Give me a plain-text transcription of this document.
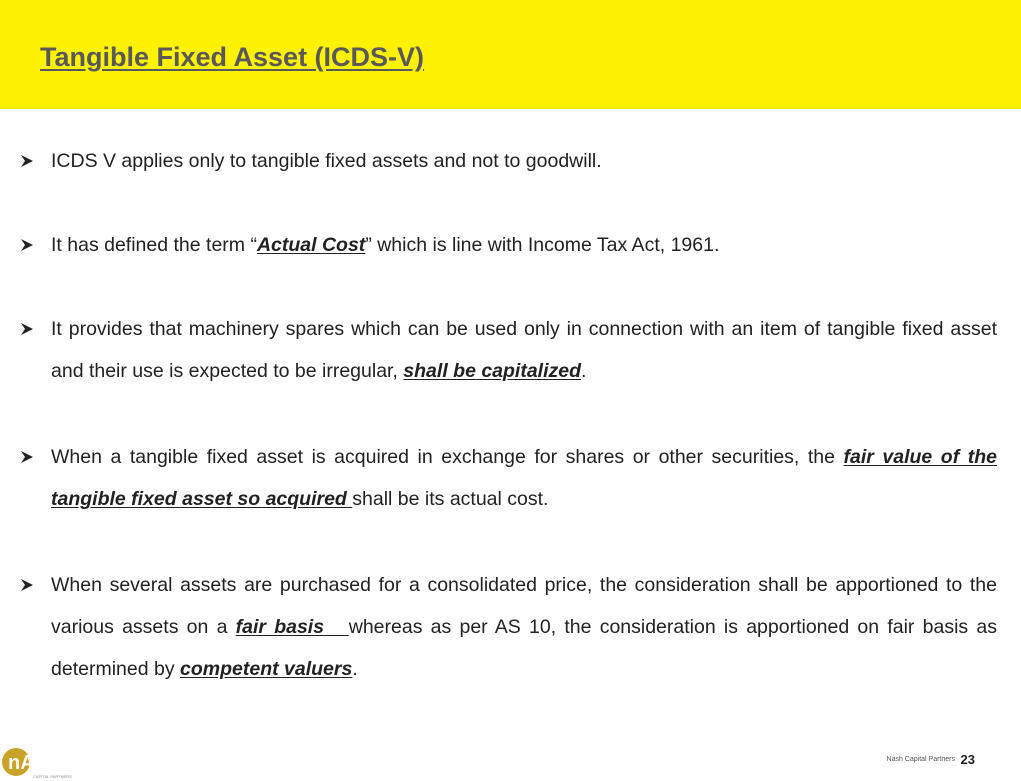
Tangible Fixed Asset (ICDS-V)
ICDS V applies only to tangible fixed assets and not to goodwill.
It has defined the term “Actual Cost” which is line with Income Tax Act, 1961.
It provides that machinery spares which can be used only in connection with an item of tangible fixed asset and their use is expected to be irregular, shall be capitalized.
When a tangible fixed asset is acquired in exchange for shares or other securities, the fair value of the tangible fixed asset so acquired shall be its actual cost.
When several assets are purchased for a consolidated price, the consideration shall be apportioned to the various assets on a fair basis   whereas as per AS 10, the consideration is apportioned on fair basis as determined by competent valuers.
nASH
CAPITAL PARTNERS
Nash Capital Partners 23
